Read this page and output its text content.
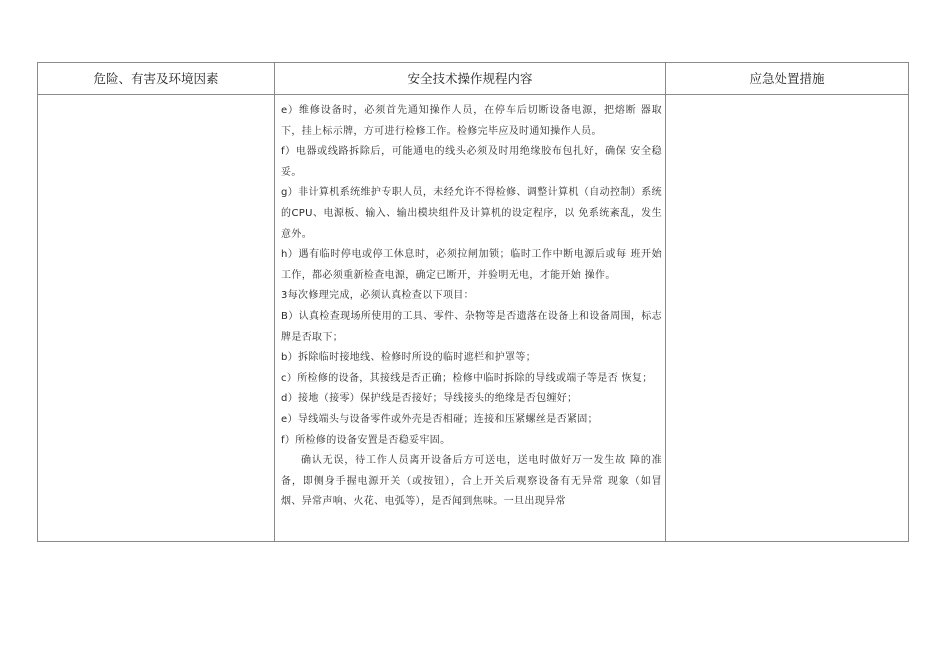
危险、有害及环境因素	安全技术操作规程内容	应急处置措施

e）维修设备时，必须首先通知操作人员，在停车后切断设备电源，把熔断 器取下，挂上标示牌，方可进行检修工作。检修完毕应及时通知操作人员。

f）电器或线路拆除后，可能通电的线头必须及时用绝缘胶布包扎好，确保 安全稳妥。

g）非计算机系统维护专职人员，未经允许不得检修、调整计算机（自动控制）系统的CPU、电源板、输入、输出模块组件及计算机的设定程序，以 免系统紊乱，发生意外。

h）遇有临时停电或停工休息时，必须拉闸加锁；临时工作中断电源后或每 班开始工作，都必须重新检查电源，确定已断开，并验明无电，才能开始 操作。

3每次修理完成，必须认真检查以下项目：

B）认真检查现场所使用的工具、零件、杂物等是否遗落在设备上和设备周围，标志牌是否取下；

b）拆除临时接地线、检修时所设的临时遮栏和护罩等；

c）所检修的设备，其接线是否正确；检修中临时拆除的导线或端子等是否 恢复；

d）接地（接零）保护线是否接好；导线接头的绝缘是否包缠好；

e）导线端头与设备零件或外壳是否相碰；连接和压紧螺丝是否紧固；

f）所检修的设备安置是否稳妥牢固。

确认无误，待工作人员离开设备后方可送电，送电时做好万一发生故 障的准备，即侧身手握电源开关（或按钮），合上开关后观察设备有无异常 现象（如冒烟、异常声响、火花、电弧等），是否闻到焦味。一旦出现异常
